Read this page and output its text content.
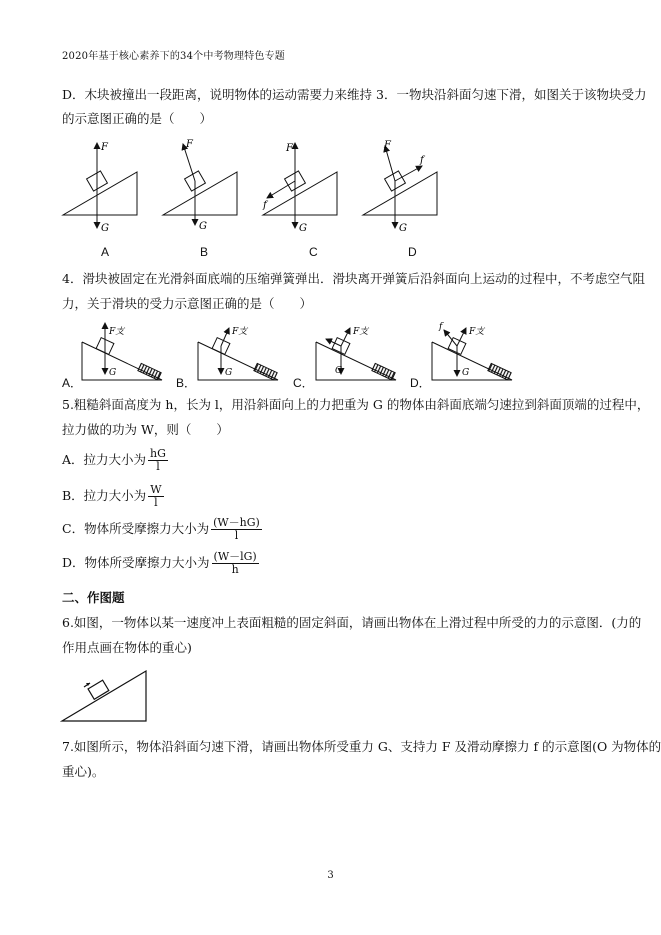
2020年基于核心素养下的34个中考物理特色专题
D．木块被撞出一段距离，说明物体的运动需要力来维持 3．一物块沿斜面匀速下滑，如图关于该物块受力
的示意图正确的是（　　）
F
G
F
G
F
f
G
F
f
G
A	B	C	D
4．滑块被固定在光滑斜面底端的压缩弹簧弹出．滑块离开弹簧后沿斜面向上运动的过程中，不考虑空气阻
力，关于滑块的受力示意图正确的是（　　）
F支
G
F支
G
F支
G
f	F支
G
A．	B．	C．	D．
5.粗糙斜面高度为 h，长为 l，用沿斜面向上的力把重为 G 的物体由斜面底端匀速拉到斜面顶端的过程中，
拉力做的功为 W，则（　　）
A．拉力大小为 $\frac{hG}{l}$
B．拉力大小为 $\frac{W}{l}$
C．物体所受摩擦力大小为 $\frac{(W-hG)}{l}$
D．物体所受摩擦力大小为 $\frac{(W-lG)}{h}$
二、作图题
6.如图，一物体以某一速度冲上表面粗糙的固定斜面，请画出物体在上滑过程中所受的力的示意图．(力的
作用点画在物体的重心)
7.如图所示，物体沿斜面匀速下滑，请画出物体所受重力 G、支持力 F 及滑动摩擦力 f 的示意图(O 为物体的
重心)。
3
